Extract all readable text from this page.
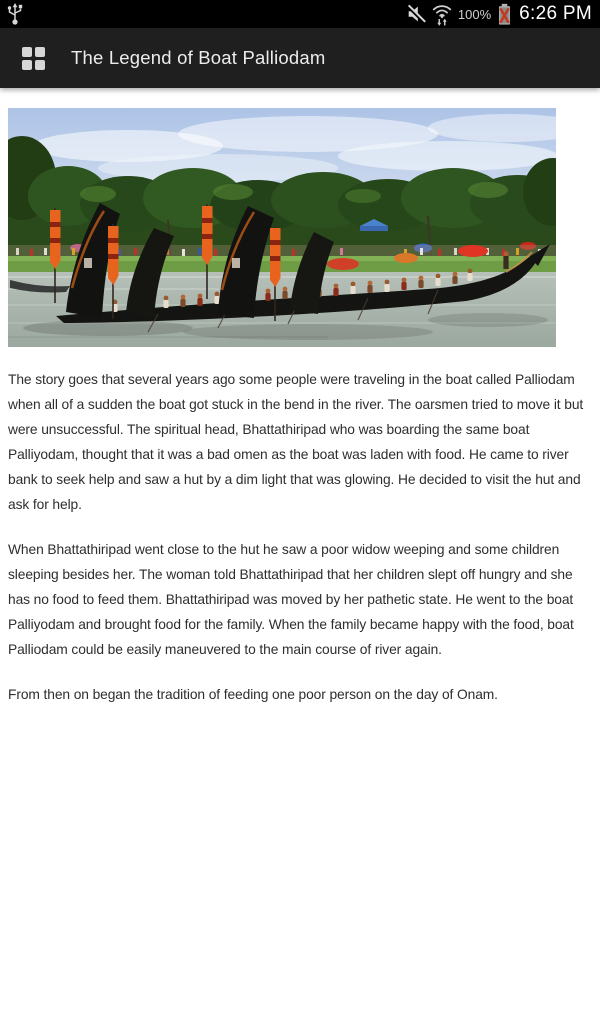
100% 6:26 PM
The Legend of Boat Palliodam

The story goes that several years ago some people were traveling in the boat called Palliodam when all of a sudden the boat got stuck in the bend in the river. The oarsmen tried to move it but were unsuccessful. The spiritual head, Bhattathiripad who was boarding the same boat Palliyodam, thought that it was a bad omen as the boat was laden with food. He came to river bank to seek help and saw a hut by a dim light that was glowing. He decided to visit the hut and ask for help.

When Bhattathiripad went close to the hut he saw a poor widow weeping and some children sleeping besides her. The woman told Bhattathiripad that her children slept off hungry and she has no food to feed them. Bhattathiripad was moved by her pathetic state. He went to the boat Palliyodam and brought food for the family. When the family became happy with the food, boat Palliodam could be easily maneuvered to the main course of river again.

From then on began the tradition of feeding one poor person on the day of Onam.
